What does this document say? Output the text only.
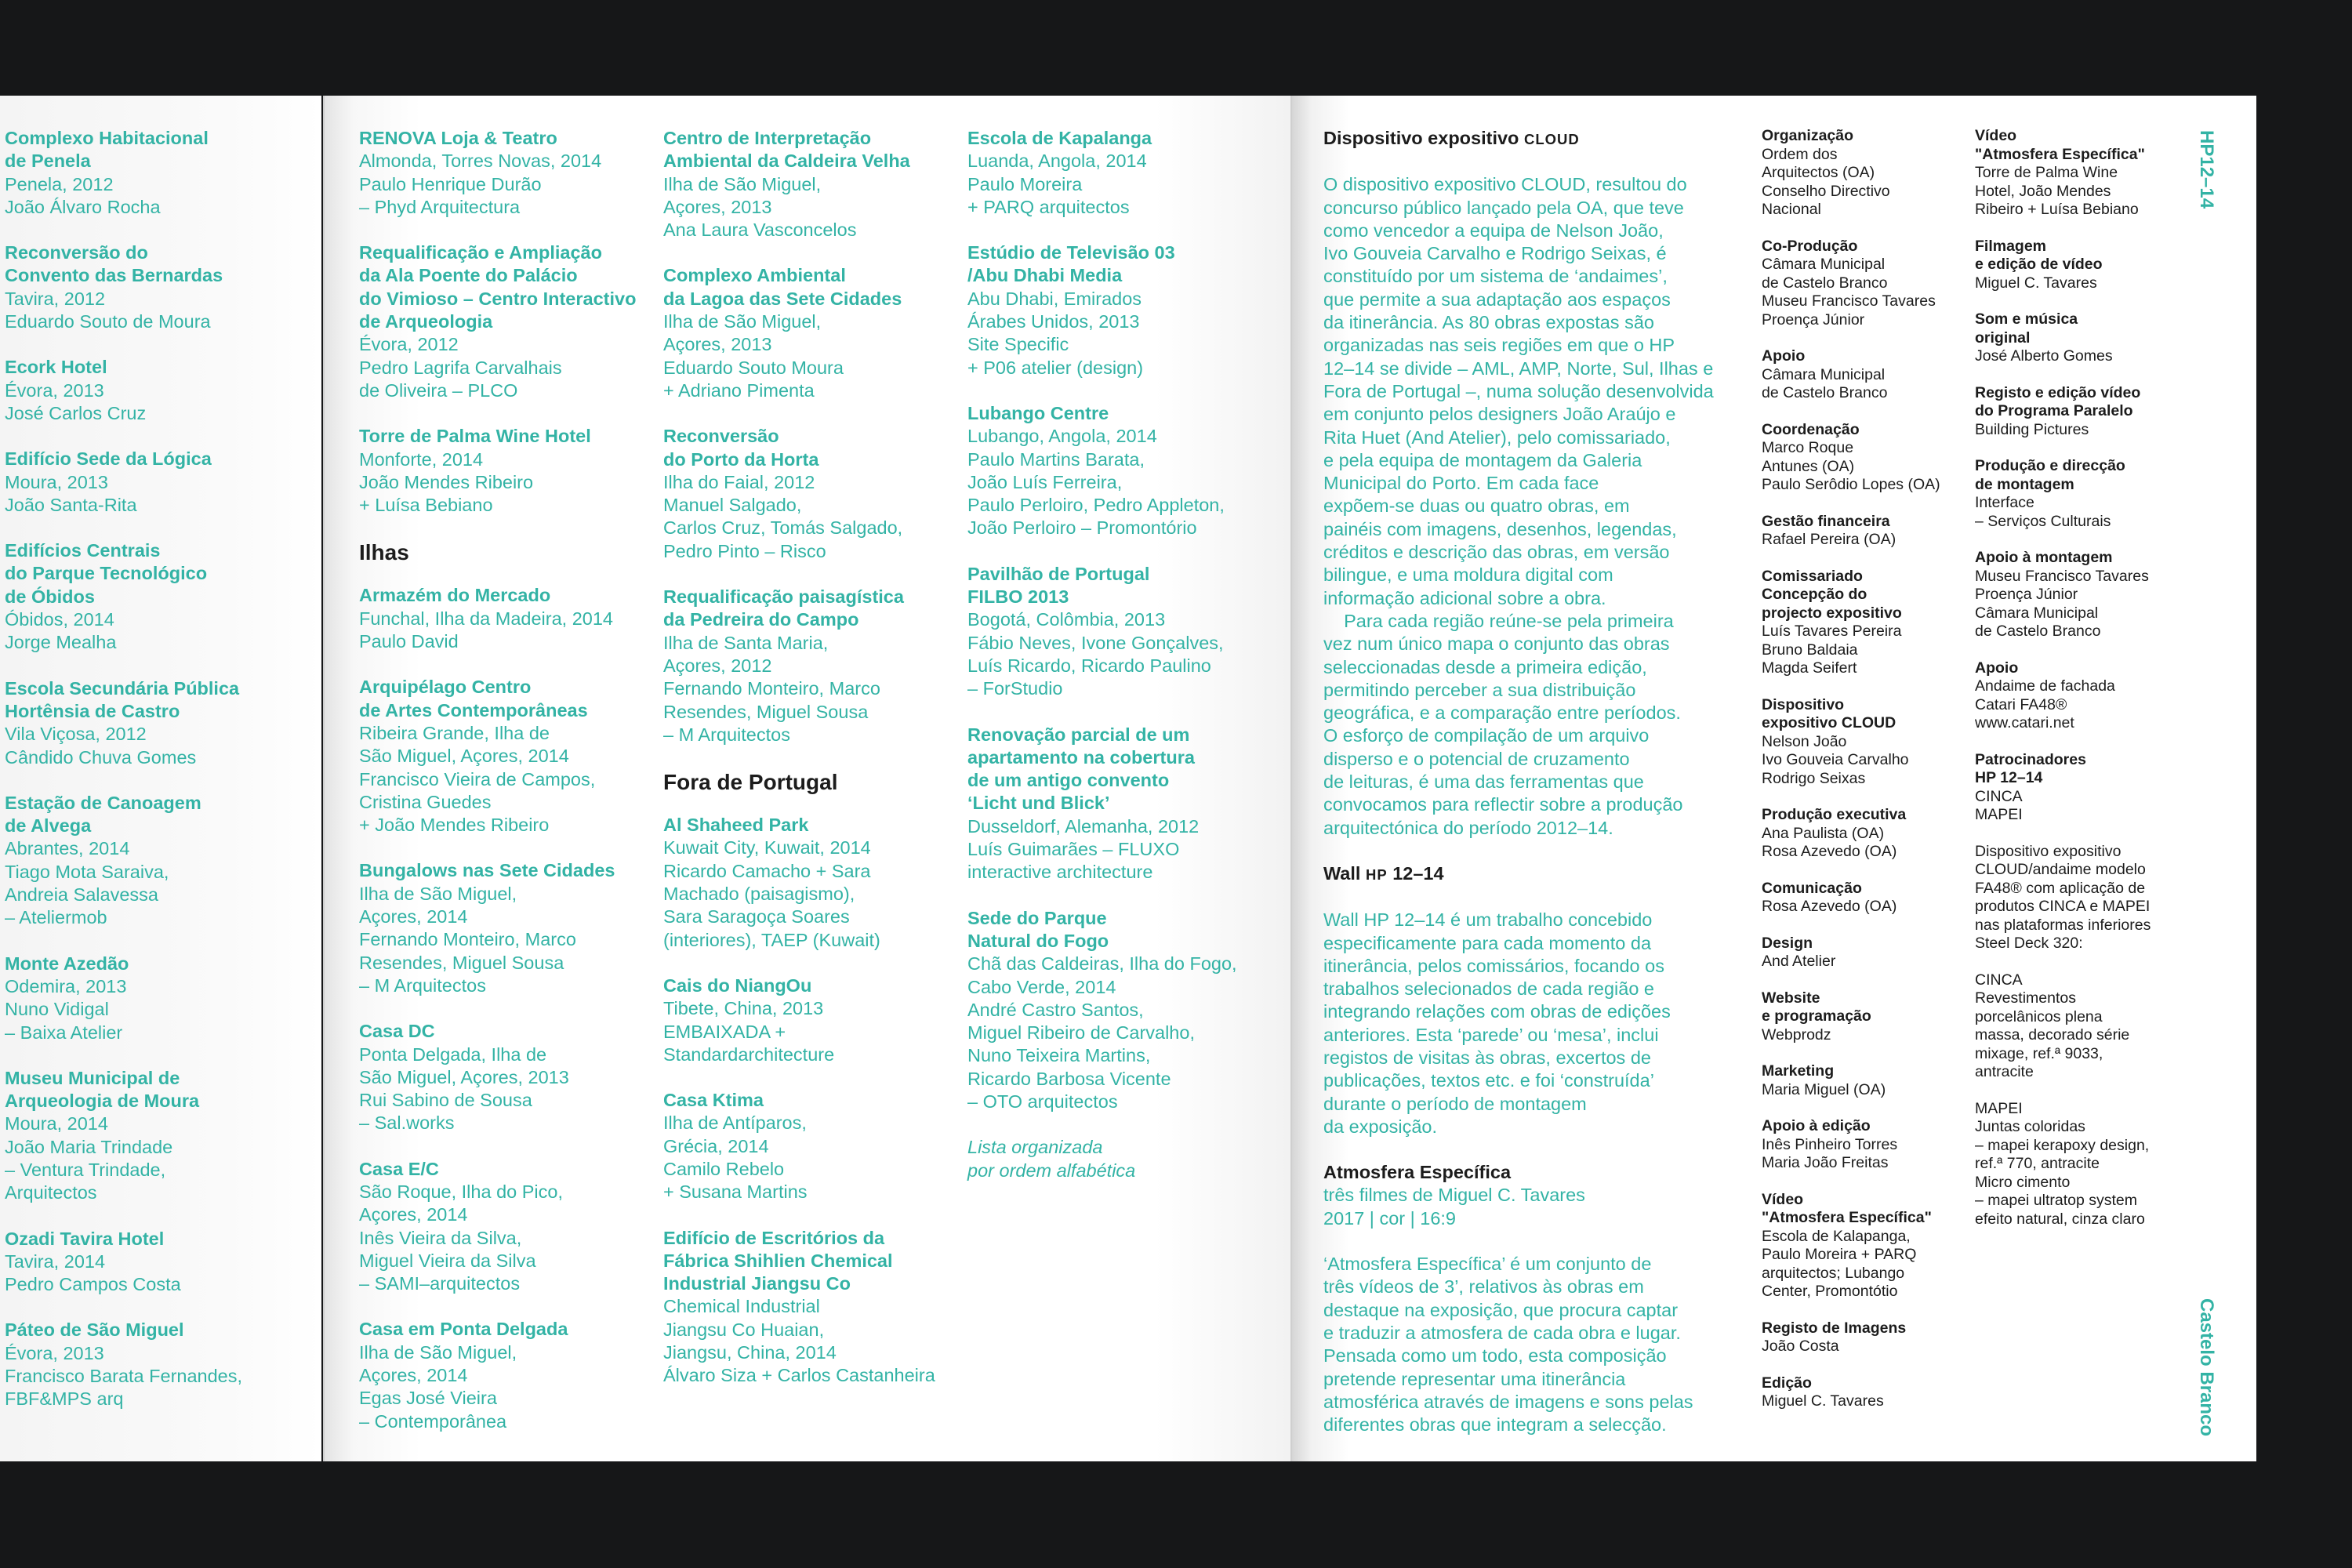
Complexo Habitacional
de Penela
Penela, 2012
João Álvaro Rocha
Reconversão do
Convento das Bernardas
Tavira, 2012
Eduardo Souto de Moura
Ecork Hotel
Évora, 2013
José Carlos Cruz
Edifício Sede da Lógica
Moura, 2013
João Santa-Rita
Edifícios Centrais
do Parque Tecnológico
de Óbidos
Óbidos, 2014
Jorge Mealha
Escola Secundária Pública
Hortênsia de Castro
Vila Viçosa, 2012
Cândido Chuva Gomes
Estação de Canoagem
de Alvega
Abrantes, 2014
Tiago Mota Saraiva,
Andreia Salavessa
– Ateliermob
Monte Azedão
Odemira, 2013
Nuno Vidigal
– Baixa Atelier
Museu Municipal de
Arqueologia de Moura
Moura, 2014
João Maria Trindade
– Ventura Trindade,
Arquitectos
Ozadi Tavira Hotel
Tavira, 2014
Pedro Campos Costa
Páteo de São Miguel
Évora, 2013
Francisco Barata Fernandes,
FBF&MPS arq
RENOVA Loja & Teatro
Almonda, Torres Novas, 2014
Paulo Henrique Durão
– Phyd Arquitectura
Requalificação e Ampliação
da Ala Poente do Palácio
do Vimioso – Centro Interactivo
de Arqueologia
Évora, 2012
Pedro Lagrifa Carvalhais
de Oliveira – PLCO
Torre de Palma Wine Hotel
Monforte, 2014
João Mendes Ribeiro
+ Luísa Bebiano
Ilhas
Armazém do Mercado
Funchal, Ilha da Madeira, 2014
Paulo David
Arquipélago Centro
de Artes Contemporâneas
Ribeira Grande, Ilha de
São Miguel, Açores, 2014
Francisco Vieira de Campos,
Cristina Guedes
+ João Mendes Ribeiro
Bungalows nas Sete Cidades
Ilha de São Miguel,
Açores, 2014
Fernando Monteiro, Marco
Resendes, Miguel Sousa
– M Arquitectos
Casa DC
Ponta Delgada, Ilha de
São Miguel, Açores, 2013
Rui Sabino de Sousa
– Sal.works
Casa E/C
São Roque, Ilha do Pico,
Açores, 2014
Inês Vieira da Silva,
Miguel Vieira da Silva
– SAMI–arquitectos
Casa em Ponta Delgada
Ilha de São Miguel,
Açores, 2014
Egas José Vieira
– Contemporânea
Centro de Interpretação
Ambiental da Caldeira Velha
Ilha de São Miguel,
Açores, 2013
Ana Laura Vasconcelos
Complexo Ambiental
da Lagoa das Sete Cidades
Ilha de São Miguel,
Açores, 2013
Eduardo Souto Moura
+ Adriano Pimenta
Reconversão
do Porto da Horta
Ilha do Faial, 2012
Manuel Salgado,
Carlos Cruz, Tomás Salgado,
Pedro Pinto – Risco
Requalificação paisagística
da Pedreira do Campo
Ilha de Santa Maria,
Açores, 2012
Fernando Monteiro, Marco
Resendes, Miguel Sousa
– M Arquitectos
Fora de Portugal
Al Shaheed Park
Kuwait City, Kuwait, 2014
Ricardo Camacho + Sara
Machado (paisagismo),
Sara Saragoça Soares
(interiores), TAEP (Kuwait)
Cais do NiangOu
Tibete, China, 2013
EMBAIXADA +
Standardarchitecture
Casa Ktima
Ilha de Antíparos,
Grécia, 2014
Camilo Rebelo
+ Susana Martins
Edifício de Escritórios da
Fábrica Shihlien Chemical
Industrial Jiangsu Co
Chemical Industrial
Jiangsu Co Huaian,
Jiangsu, China, 2014
Álvaro Siza + Carlos Castanheira
Escola de Kapalanga
Luanda, Angola, 2014
Paulo Moreira
+ PARQ arquitectos
Estúdio de Televisão 03
/Abu Dhabi Media
Abu Dhabi, Emirados
Árabes Unidos, 2013
Site Specific
+ P06 atelier (design)
Lubango Centre
Lubango, Angola, 2014
Paulo Martins Barata,
João Luís Ferreira,
Paulo Perloiro, Pedro Appleton,
João Perloiro – Promontório
Pavilhão de Portugal
FILBO 2013
Bogotá, Colômbia, 2013
Fábio Neves, Ivone Gonçalves,
Luís Ricardo, Ricardo Paulino
– ForStudio
Renovação parcial de um
apartamento na cobertura
de um antigo convento
‘Licht und Blick’
Dusseldorf, Alemanha, 2012
Luís Guimarães – FLUXO
interactive architecture
Sede do Parque
Natural do Fogo
Chã das Caldeiras, Ilha do Fogo,
Cabo Verde, 2014
André Castro Santos,
Miguel Ribeiro de Carvalho,
Nuno Teixeira Martins,
Ricardo Barbosa Vicente
– OTO arquitectos
Lista organizada
por ordem alfabética
Dispositivo expositivo CLOUD
O dispositivo expositivo CLOUD, resultou do
concurso público lançado pela OA, que teve
como vencedor a equipa de Nelson João,
Ivo Gouveia Carvalho e Rodrigo Seixas, é
constituído por um sistema de ‘andaimes’,
que permite a sua adaptação aos espaços
da itinerância. As 80 obras expostas são
organizadas nas seis regiões em que o HP
12–14 se divide – AML, AMP, Norte, Sul, Ilhas e
Fora de Portugal –, numa solução desenvolvida
em conjunto pelos designers João Araújo e
Rita Huet (And Atelier), pelo comissariado,
e pela equipa de montagem da Galeria
Municipal do Porto. Em cada face
expõem-se duas ou quatro obras, em
painéis com imagens, desenhos, legendas,
créditos e descrição das obras, em versão
bilingue, e uma moldura digital com
informação adicional sobre a obra.
Para cada região reúne-se pela primeira
vez num único mapa o conjunto das obras
seleccionadas desde a primeira edição,
permitindo perceber a sua distribuição
geográfica, e a comparação entre períodos.
O esforço de compilação de um arquivo
disperso e o potencial de cruzamento
de leituras, é uma das ferramentas que
convocamos para reflectir sobre a produção
arquitectónica do período 2012–14.
Wall HP 12–14
Wall HP 12–14 é um trabalho concebido
especificamente para cada momento da
itinerância, pelos comissários, focando os
trabalhos selecionados de cada região e
integrando relações com obras de edições
anteriores. Esta ‘parede’ ou ‘mesa’, inclui
registos de visitas às obras, excertos de
publicações, textos etc. e foi ‘construída’
durante o período de montagem
da exposição.
Atmosfera Específica
três filmes de Miguel C. Tavares
2017 | cor | 16:9
‘Atmosfera Específica’ é um conjunto de
três vídeos de 3’, relativos às obras em
destaque na exposição, que procura captar
e traduzir a atmosfera de cada obra e lugar.
Pensada como um todo, esta composição
pretende representar uma itinerância
atmosférica através de imagens e sons pelas
diferentes obras que integram a selecção.
Organização
Ordem dos
Arquitectos (OA)
Conselho Directivo
Nacional
Co-Produção
Câmara Municipal
de Castelo Branco
Museu Francisco Tavares
Proença Júnior
Apoio
Câmara Municipal
de Castelo Branco
Coordenação
Marco Roque
Antunes (OA)
Paulo Serôdio Lopes (OA)
Gestão financeira
Rafael Pereira (OA)
Comissariado
Concepção do
projecto expositivo
Luís Tavares Pereira
Bruno Baldaia
Magda Seifert
Dispositivo
expositivo CLOUD
Nelson João
Ivo Gouveia Carvalho
Rodrigo Seixas
Produção executiva
Ana Paulista (OA)
Rosa Azevedo (OA)
Comunicação
Rosa Azevedo (OA)
Design
And Atelier
Website
e programação
Webprodz
Marketing
Maria Miguel (OA)
Apoio à edição
Inês Pinheiro Torres
Maria João Freitas
Vídeo
"Atmosfera Específica"
Escola de Kalapanga,
Paulo Moreira + PARQ
arquitectos; Lubango
Center, Promontótio
Registo de Imagens
João Costa
Edição
Miguel C. Tavares
Vídeo
"Atmosfera Específica"
Torre de Palma Wine
Hotel, João Mendes
Ribeiro + Luísa Bebiano
Filmagem
e edição de vídeo
Miguel C. Tavares
Som e música
original
José Alberto Gomes
Registo e edição vídeo
do Programa Paralelo
Building Pictures
Produção e direcção
de montagem
Interface
– Serviços Culturais
Apoio à montagem
Museu Francisco Tavares
Proença Júnior
Câmara Municipal
de Castelo Branco
Apoio
Andaime de fachada
Catari FA48®
www.catari.net
Patrocinadores
HP 12–14
CINCA
MAPEI
Dispositivo expositivo
CLOUD/andaime modelo
FA48® com aplicação de
produtos CINCA e MAPEI
nas plataformas inferiores
Steel Deck 320:
CINCA
Revestimentos
porcelânicos plena
massa, decorado série
mixage, ref.ª 9033,
antracite
MAPEI
Juntas coloridas
– mapei kerapoxy design,
ref.ª 770, antracite
Micro cimento
– mapei ultratop system
efeito natural, cinza claro
HP12–14
Castelo Branco
